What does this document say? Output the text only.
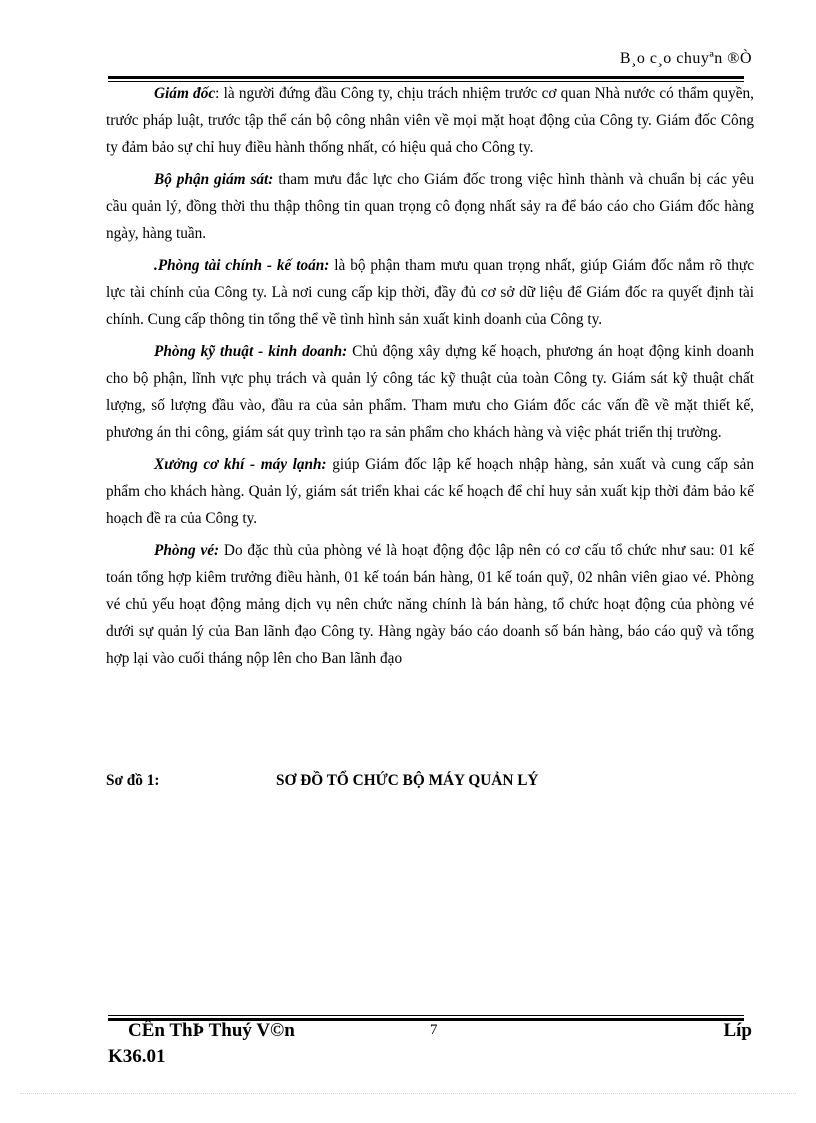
B¸o c¸o chuyªn ®Ò

Giám đốc: là người đứng đầu Công ty, chịu trách nhiệm trước cơ quan Nhà nước có thẩm quyền, trước pháp luật, trước tập thể cán bộ công nhân viên về mọi mặt hoạt động của Công ty. Giám đốc Công ty đảm bảo sự chỉ huy điều hành thống nhất, có hiệu quả cho Công ty.

Bộ phận giám sát: tham mưu đắc lực cho Giám đốc trong việc hình thành và chuẩn bị các yêu cầu quản lý, đồng thời thu thập thông tin quan trọng cô đọng nhất sảy ra để báo cáo cho Giám đốc hàng ngày, hàng tuần.

.Phòng tài chính - kế toán: là bộ phận tham mưu quan trọng nhất, giúp Giám đốc nắm rõ thực lực tài chính của Công ty. Là nơi cung cấp kịp thời, đầy đủ cơ sở dữ liệu để Giám đốc ra quyết định tài chính. Cung cấp thông tin tổng thể về tình hình sản xuất kinh doanh của Công ty.

Phòng kỹ thuật - kinh doanh: Chủ động xây dựng kế hoạch, phương án hoạt động kinh doanh cho bộ phận, lĩnh vực phụ trách và quản lý công tác kỹ thuật của toàn Công ty. Giám sát kỹ thuật chất lượng, số lượng đầu vào, đầu ra của sản phẩm. Tham mưu cho Giám đốc các vấn đề về mặt thiết kế, phương án thi công, giám sát quy trình tạo ra sản phẩm cho khách hàng và việc phát triển thị trường.

Xưởng cơ khí - máy lạnh: giúp Giám đốc lập kế hoạch nhập hàng, sản xuất và cung cấp sản phẩm cho khách hàng. Quản lý, giám sát triển khai các kế hoạch để chỉ huy sản xuất kịp thời đảm bảo kế hoạch đề ra của Công ty.

Phòng vé: Do đặc thù của phòng vé là hoạt động độc lập nên có cơ cấu tổ chức như sau: 01 kế toán tổng hợp kiêm trưởng điều hành, 01 kế toán bán hàng, 01 kế toán quỹ, 02 nhân viên giao vé. Phòng vé chủ yếu hoạt động mảng dịch vụ nên chức năng chính là bán hàng, tổ chức hoạt động của phòng vé dưới sự quản lý của Ban lãnh đạo Công ty. Hàng ngày báo cáo doanh số bán hàng, báo cáo quỹ và tổng hợp lại vào cuối tháng nộp lên cho Ban lãnh đạo

Sơ đồ 1:	SƠ ĐỒ TỔ CHỨC BỘ MÁY QUẢN LÝ
CÊn ThÞ Thuý V©n	7	Líp
K36.01
